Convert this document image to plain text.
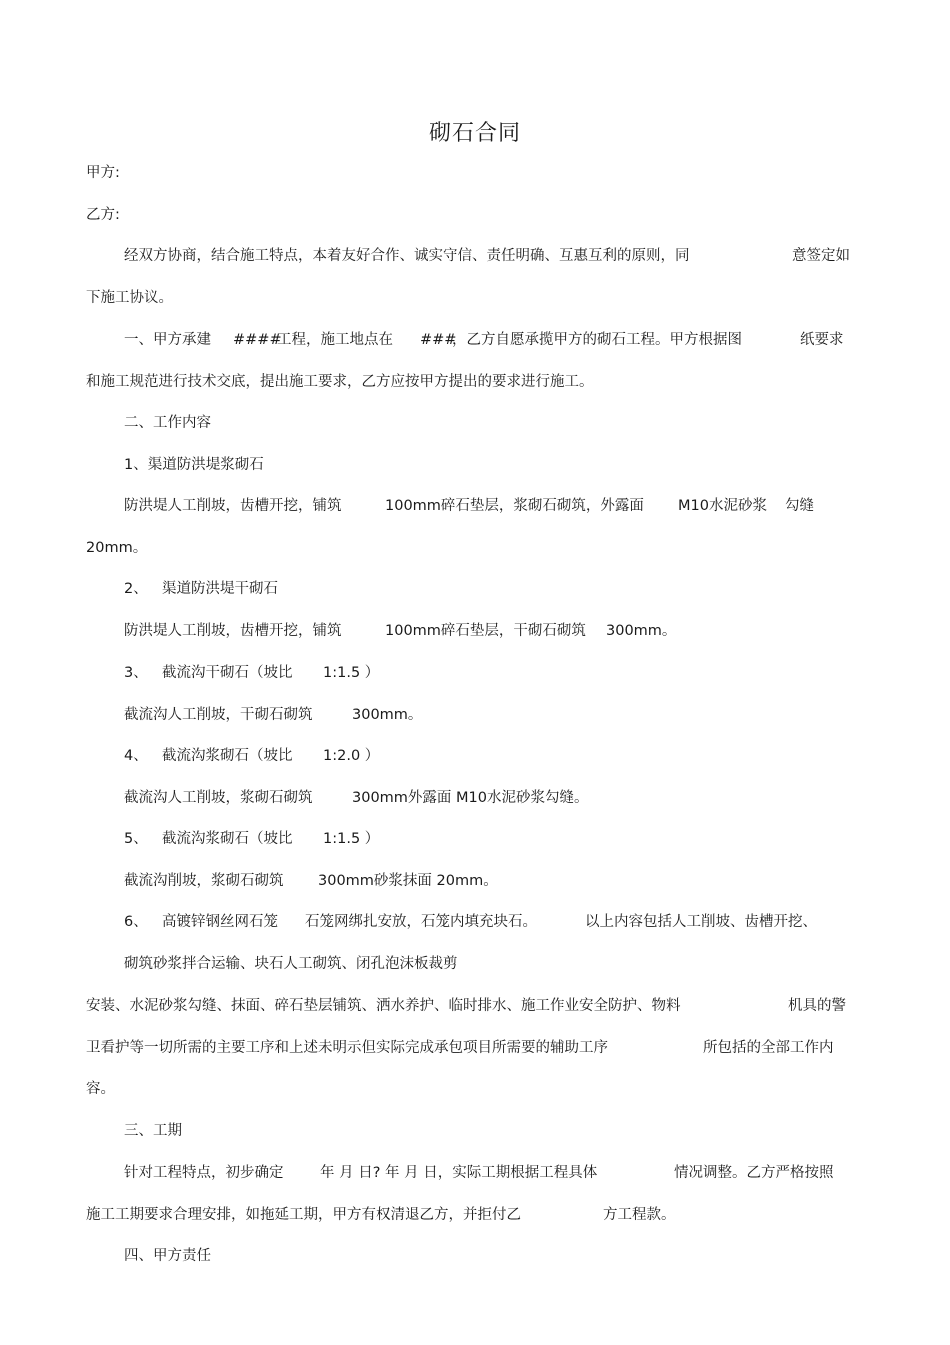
砌石合同
甲方:
乙方:
经双方协商，结合施工特点，本着友好合作、诚实守信、责任明确、互惠互利的原则，同	意签定如
下施工协议。
一、甲方承建 ####
工程，施工地点在 ###
，乙方自愿承揽甲方的砌石工程。甲方根据图	纸要求
和施工规范进行技术交底，提出施工要求，乙方应按甲方提出的要求进行施工。
二、工作内容
1、渠道防洪堤浆砌石
防洪堤人工削坡，齿槽开挖，铺筑	100mm碎石垫层，浆砌石砌筑，外露面 M10水泥砂浆 勾缝
20mm。
2、 渠道防洪堤干砌石
防洪堤人工削坡，齿槽开挖，铺筑	100mm碎石垫层，干砌石砌筑 300mm。
3、 截流沟干砌石（坡比 1:1.5 ）
截流沟人工削坡，干砌石砌筑	300mm。
4、 截流沟浆砌石（坡比 1:2.0 ）
截流沟人工削坡，浆砌石砌筑	300mm外露面 M10水泥砂浆勾缝。
5、 截流沟浆砌石（坡比 1:1.5 ）
截流沟削坡，浆砌石砌筑 300mm砂浆抹面 20mm。
6、 高镀锌钢丝网石笼 石笼网绑扎安放，石笼内填充块石。	以上内容包括人工削坡、齿槽开挖、
砌筑砂浆拌合运输、块石人工砌筑、闭孔泡沫板裁剪
安装、水泥砂浆勾缝、抹面、碎石垫层铺筑、洒水养护、临时排水、施工作业安全防护、物料	机具的警
卫看护等一切所需的主要工序和上述未明示但实际完成承包项目所需要的辅助工序	所包括的全部工作内
容。
三、工期
针对工程特点，初步确定	年 月 日? 年 月 日，实际工期根据工程具体	情况调整。乙方严格按照
施工工期要求合理安排，如拖延工期，甲方有权清退乙方，并拒付乙	方工程款。
四、甲方责任
